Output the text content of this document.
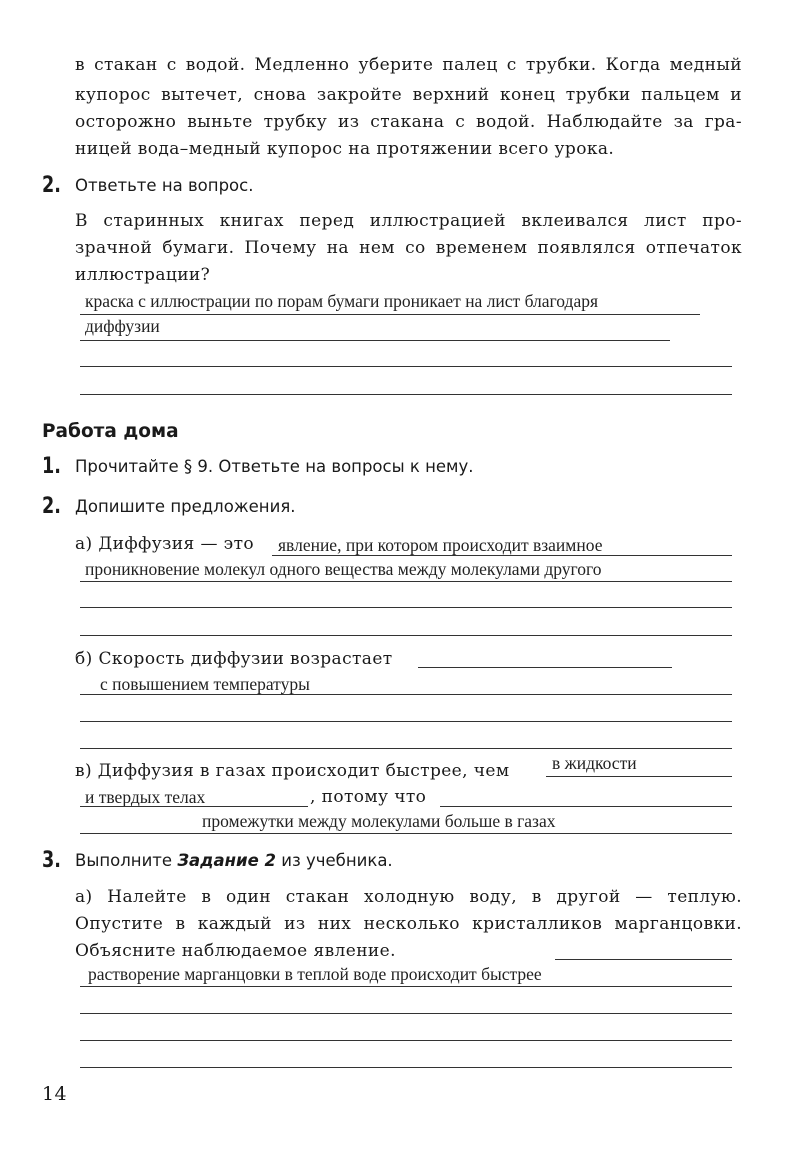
в стакан с водой. Медленно уберите палец с трубки. Когда медный
купорос вытечет, снова закройте верхний конец трубки пальцем и
осторожно выньте трубку из стакана с водой. Наблюдайте за гра-
ницей вода–медный купорос на протяжении всего урока.
2. Ответьте на вопрос.
В старинных книгах перед иллюстрацией вклеивался лист про-
зрачной бумаги. Почему на нем со временем появлялся отпечаток
иллюстрации?
краска с иллюстрации по порам бумаги проникает на лист благодаря
диффузии
Работа дома
1. Прочитайте § 9. Ответьте на вопросы к нему.
2. Допишите предложения.
а) Диффузия — это явление, при котором происходит взаимное
проникновение молекул одного вещества между молекулами другого
б) Скорость диффузии возрастает
с повышением температуры
в) Диффузия в газах происходит быстрее, чем в жидкости
и твердых телах	, потому что
промежутки между молекулами больше в газах
3. Выполните Задание 2 из учебника.
а) Налейте в один стакан холодную воду, в другой — теплую.
Опустите в каждый из них несколько кристалликов марганцовки.
Объясните наблюдаемое явление.
растворение марганцовки в теплой воде происходит быстрее
14
